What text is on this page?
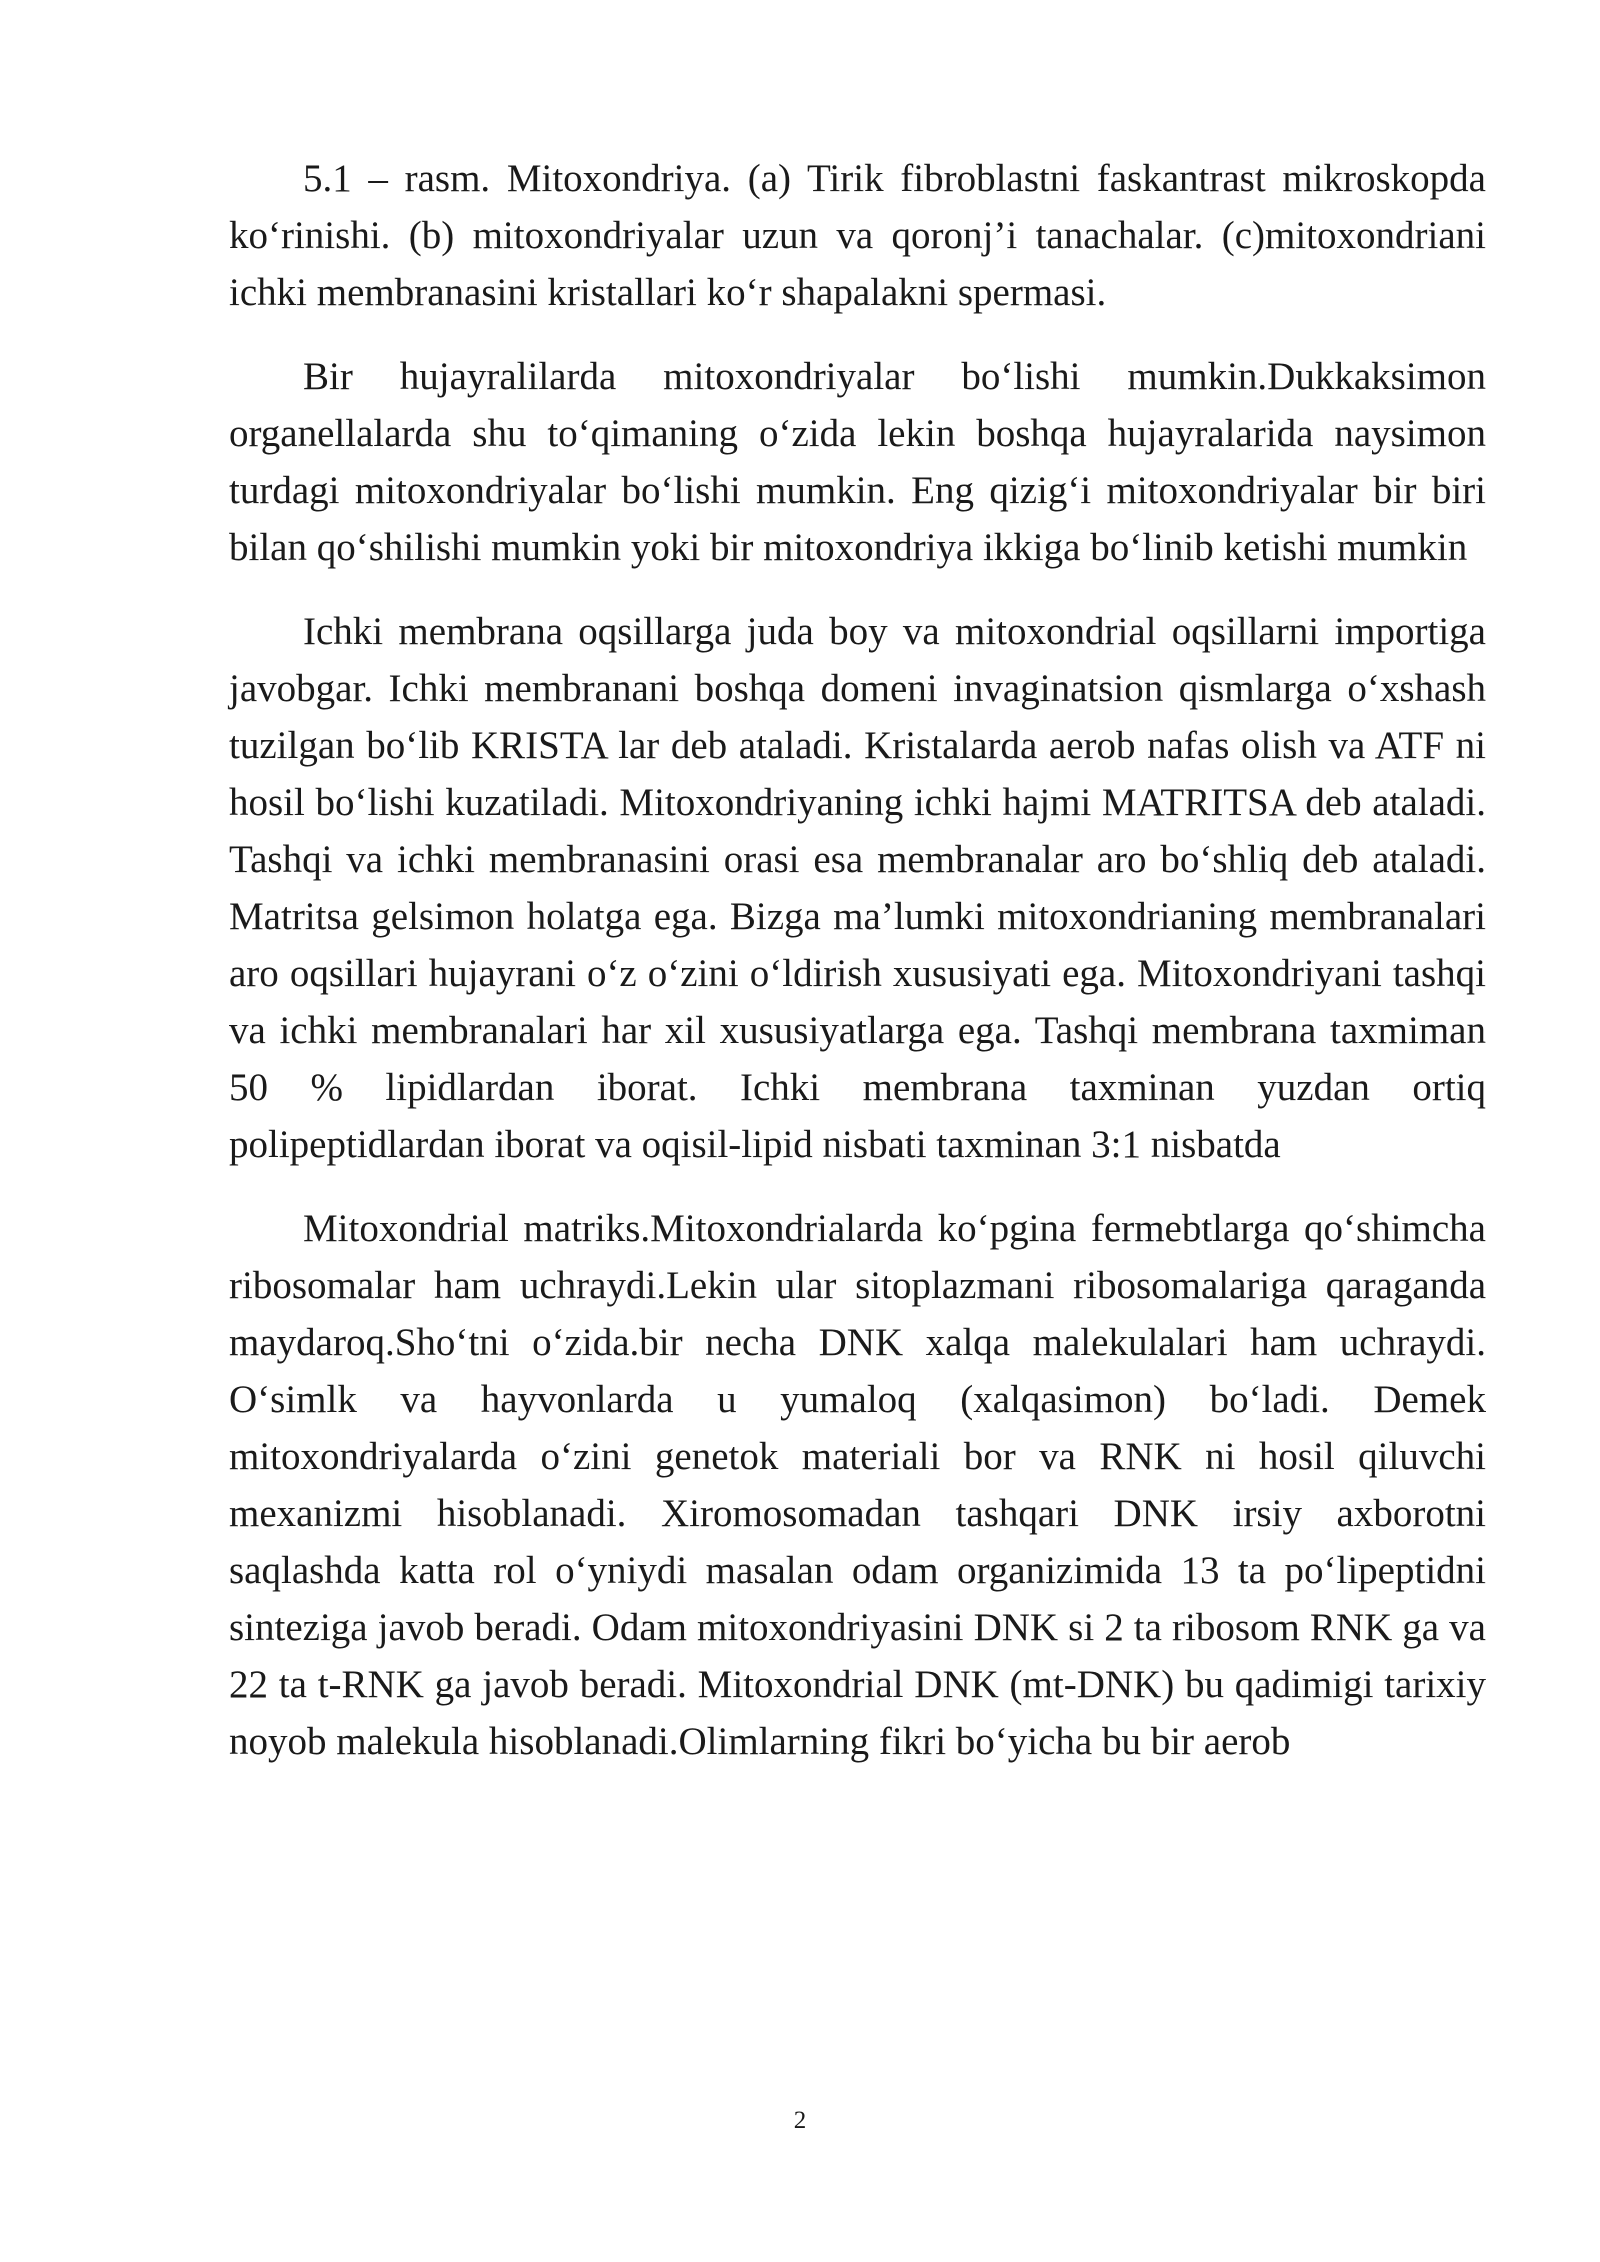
5.1 – rasm. Mitoxondriya. (a) Tirik fibroblastni faskantrast mikroskopda ko‘rinishi. (b) mitoxondriyalar uzun va qoronj’i tanachalar. (c)mitoxondriani ichki membranasini kristallari ko‘r shapalakni spermasi.

Bir hujayralilarda mitoxondriyalar bo‘lishi mumkin.Dukkaksimon organellalarda shu to‘qimaning o‘zida lekin boshqa hujayralarida naysimon turdagi mitoxondriyalar bo‘lishi mumkin. Eng qizig‘i mitoxondriyalar bir biri bilan qo‘shilishi mumkin yoki bir mitoxondriya ikkiga bo‘linib ketishi mumkin

Ichki membrana oqsillarga juda boy va mitoxondrial oqsillarni importiga javobgar. Ichki membranani boshqa domeni invaginatsion qismlarga o‘xshash tuzilgan bo‘lib KRISTA lar deb ataladi. Kristalarda aerob nafas olish va ATF ni hosil bo‘lishi kuzatiladi. Mitoxondriyaning ichki hajmi MATRITSA deb ataladi. Tashqi va ichki membranasini orasi esa membranalar aro bo‘shliq deb ataladi. Matritsa gelsimon holatga ega. Bizga ma’lumki mitoxondrianing membranalari aro oqsillari hujayrani o‘z o‘zini o‘ldirish xususiyati ega. Mitoxondriyani tashqi va ichki membranalari har xil xususiyatlarga ega. Tashqi membrana taxmiman 50 % lipidlardan iborat. Ichki membrana taxminan yuzdan ortiq polipeptidlardan iborat va oqisil-lipid nisbati taxminan 3:1 nisbatda

Mitoxondrial matriks.Mitoxondrialarda ko‘pgina fermebtlarga qo‘shimcha ribosomalar ham uchraydi.Lekin ular sitoplazmani ribosomalariga qaraganda maydaroq.Sho‘tni o‘zida.bir necha DNK xalqa malekulalari ham uchraydi. O‘simlk va hayvonlarda u yumaloq (xalqasimon) bo‘ladi. Demek mitoxondriyalarda o‘zini genetok materiali bor va RNK ni hosil qiluvchi mexanizmi hisoblanadi. Xiromosomadan tashqari DNK irsiy axborotni saqlashda katta rol o‘yniydi masalan odam organizimida 13 ta po‘lipeptidni sinteziga javob beradi. Odam mitoxondriyasini DNK si 2 ta ribosom RNK ga va 22 ta t-RNK ga javob beradi. Mitoxondrial DNK (mt-DNK) bu qadimigi tarixiy noyob malekula hisoblanadi.Olimlarning fikri bo‘yicha bu bir aerob

2
